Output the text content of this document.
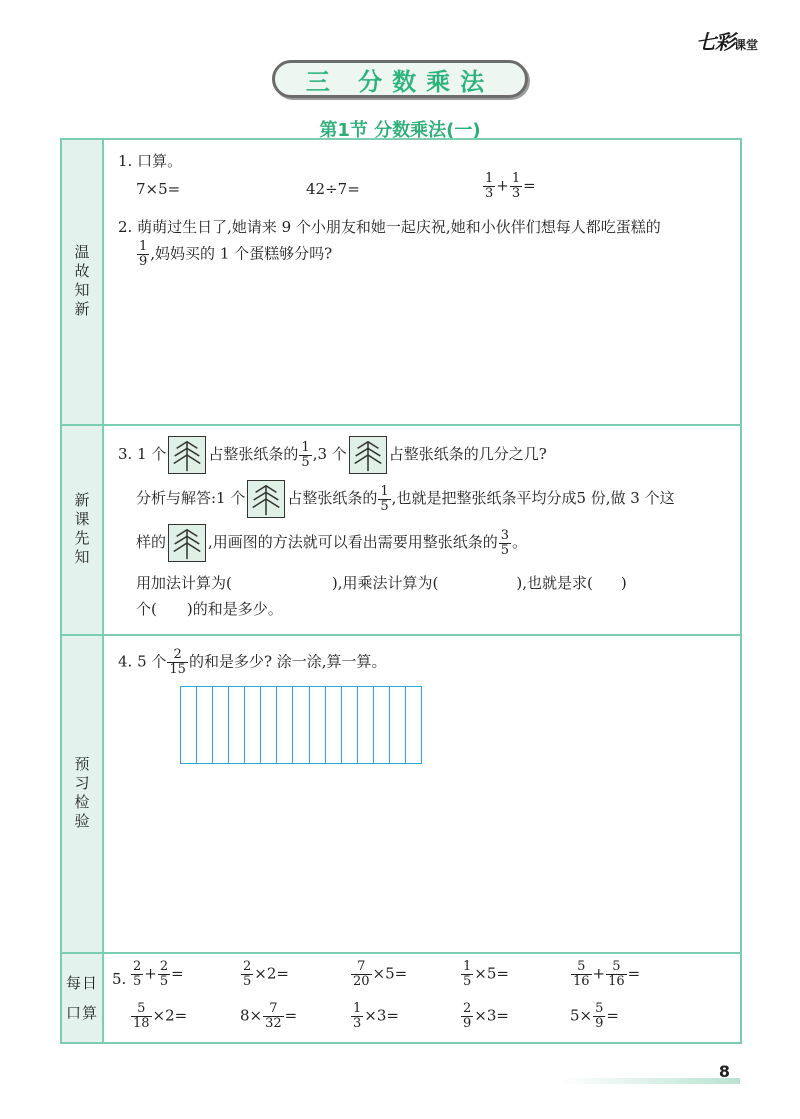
七彩课堂
三 分数乘法
第1节 分数乘法(一)
温故知新
1. 口算。
7×5=	42÷7=	$\frac{1}{3} + \frac{1}{3}$ =
2. 萌萌过生日了,她请来 9 个小朋友和她一起庆祝,她和小伙伴们想每人都吃蛋糕的
$\frac{1}{9}$ ,妈妈买的 1 个蛋糕够分吗?
新课先知
3. 1 个	占整张纸条的 $\frac{1}{5} ,3$ 个	占整张纸条的几分之几?
分析与解答:1 个	占整张纸条的 $\frac{1}{5}$ ,也就是把整张纸条平均分成5 份,做 3 个这
样的	,用画图的方法就可以看出需要用整张纸条的 $\frac{3}{5}$ 。
用加法计算为(	),用乘法计算为(	),也就是求( )
个( )的和是多少。
预习检验
4. 5 个 $\frac{2}{15}$ 的和是多少? 涂一涂,算一算。
每日
口算
5. $\frac{2}{5} + \frac{2}{5}$ =	$\frac{2}{5} \times 2=$	$\frac{7}{20} \times 5=$	$\frac{1}{5} \times 5=$	$\frac{5}{16} + \frac{5}{16}$ =
$\frac{5}{18} \times 2=$	$8\times \frac{7}{32}$ =	$\frac{1}{3} \times 3=$	$\frac{2}{9} \times 3=$	$5\times \frac{5}{9}$ =
8
